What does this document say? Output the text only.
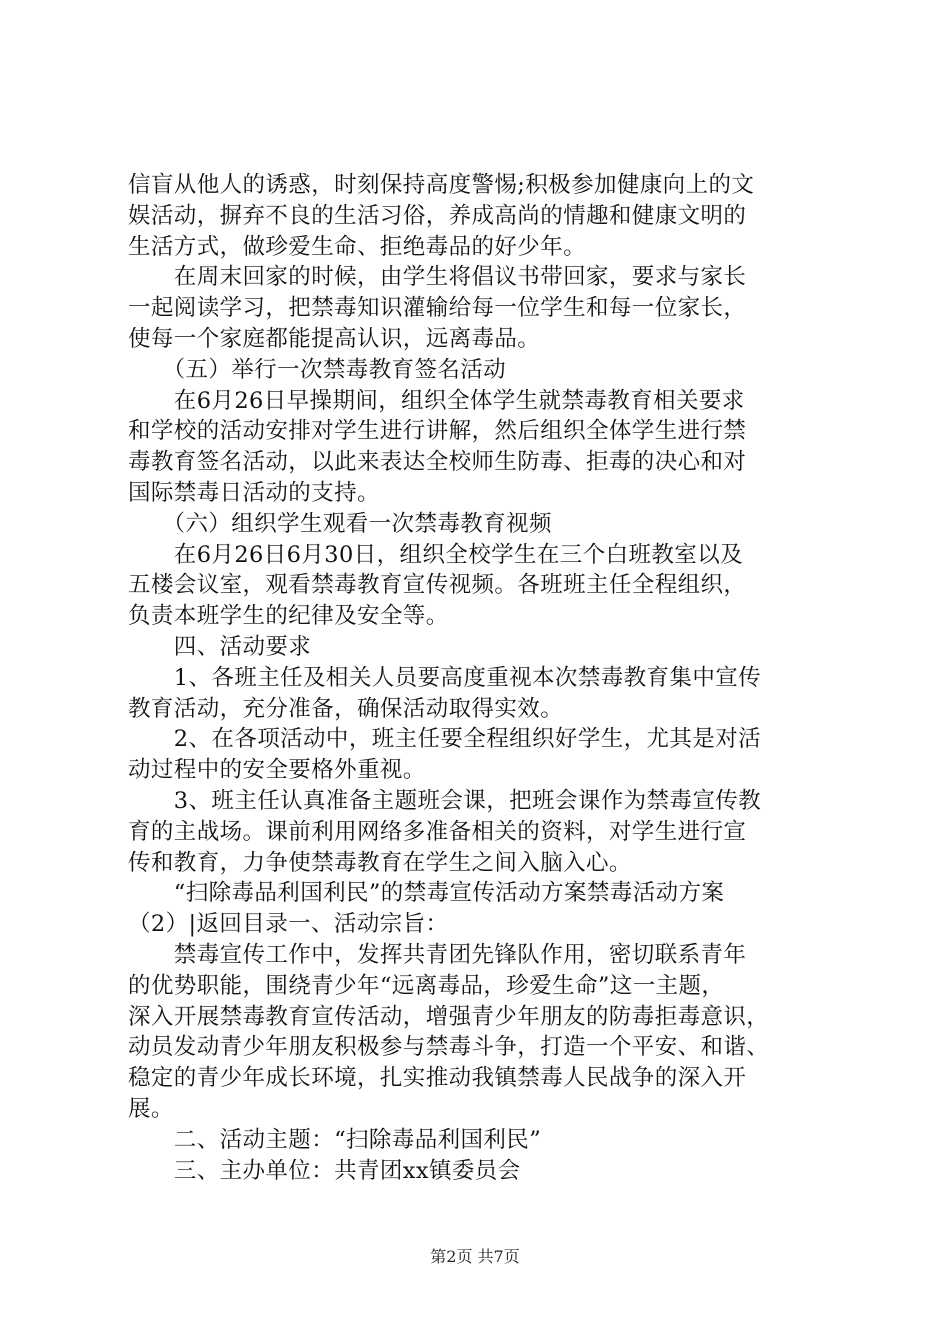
信盲从他人的诱惑，时刻保持高度警惕;积极参加健康向上的文
娱活动，摒弃不良的生活习俗，养成高尚的情趣和健康文明的
生活方式，做珍爱生命、拒绝毒品的好少年。
　　在周末回家的时候，由学生将倡议书带回家，要求与家长
一起阅读学习，把禁毒知识灌输给每一位学生和每一位家长，
使每一个家庭都能提高认识，远离毒品。
　　（五）举行一次禁毒教育签名活动
　　在6月26日早操期间，组织全体学生就禁毒教育相关要求
和学校的活动安排对学生进行讲解，然后组织全体学生进行禁
毒教育签名活动，以此来表达全校师生防毒、拒毒的决心和对
国际禁毒日活动的支持。
　　（六）组织学生观看一次禁毒教育视频
　　在6月26日6月30日，组织全校学生在三个白班教室以及
五楼会议室，观看禁毒教育宣传视频。各班班主任全程组织，
负责本班学生的纪律及安全等。
　　四、活动要求
　　1、各班主任及相关人员要高度重视本次禁毒教育集中宣传
教育活动，充分准备，确保活动取得实效。
　　2、在各项活动中，班主任要全程组织好学生，尤其是对活
动过程中的安全要格外重视。
　　3、班主任认真准备主题班会课，把班会课作为禁毒宣传教
育的主战场。课前利用网络多准备相关的资料，对学生进行宣
传和教育，力争使禁毒教育在学生之间入脑入心。
　　“扫除毒品利国利民”的禁毒宣传活动方案禁毒活动方案
（2）|返回目录一、活动宗旨：
　　禁毒宣传工作中，发挥共青团先锋队作用，密切联系青年
的优势职能，围绕青少年“远离毒品，珍爱生命”这一主题，
深入开展禁毒教育宣传活动，增强青少年朋友的防毒拒毒意识，
动员发动青少年朋友积极参与禁毒斗争，打造一个平安、和谐、
稳定的青少年成长环境，扎实推动我镇禁毒人民战争的深入开
展。
　　二、活动主题：“扫除毒品利国利民”
　　三、主办单位：共青团xx镇委员会
第2页 共7页
